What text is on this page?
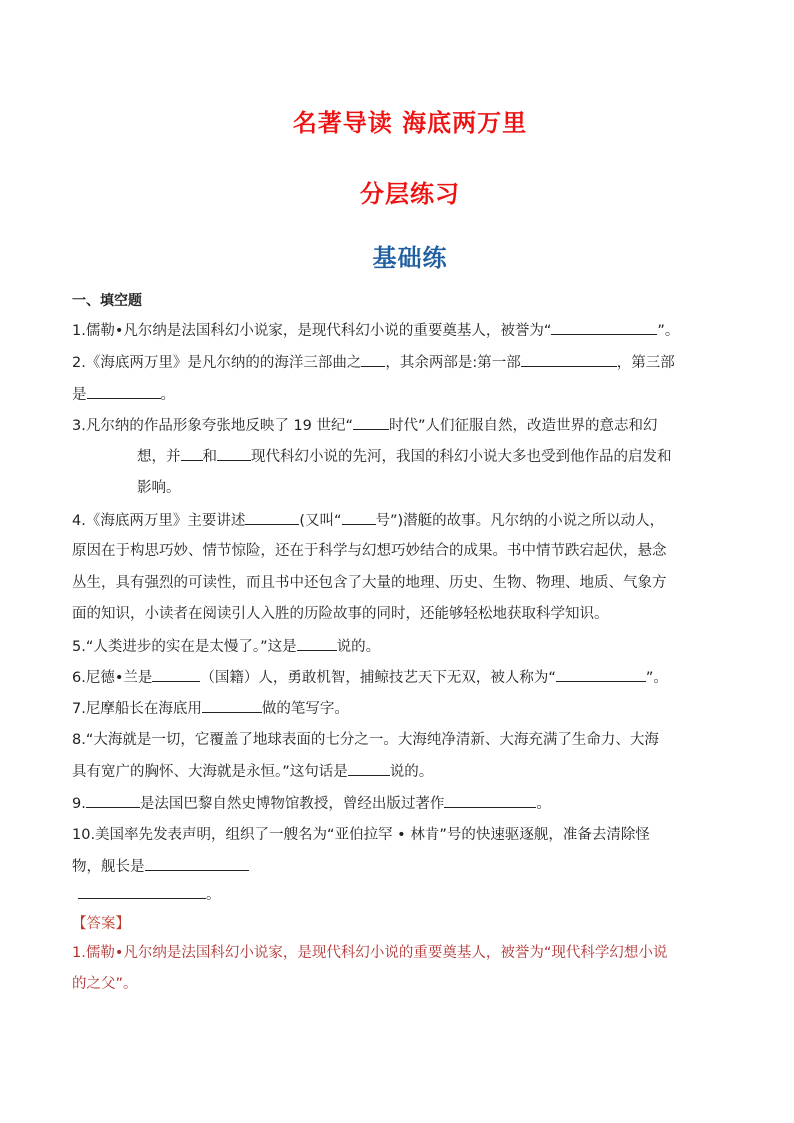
名著导读 海底两万里
分层练习
基础练
一、填空题
1.儒勒•凡尔纳是法国科幻小说家，是现代科幻小说的重要奠基人，被誉为“	”。
2.《海底两万里》是凡尔纳的的海洋三部曲之 ，其余两部是:第一部	，第三部
是	。
3.凡尔纳的作品形象夸张地反映了 19 世纪“ 时代”人们征服自然，改造世界的意志和幻
想，并 和 现代科幻小说的先河，我国的科幻小说大多也受到他作品的启发和
影响。
4.《海底两万里》主要讲述	(又叫“ 号”)潜艇的故事。凡尔纳的小说之所以动人，
原因在于构思巧妙、情节惊险，还在于科学与幻想巧妙结合的成果。书中情节跌宕起伏，悬念
丛生，具有强烈的可读性，而且书中还包含了大量的地理、历史、生物、物理、地质、气象方
面的知识，小读者在阅读引人入胜的历险故事的同时，还能够轻松地获取科学知识。
5.“人类进步的实在是太慢了。”这是	说的。
6.尼德•兰是	（国籍）人，勇敢机智，捕鲸技艺天下无双，被人称为“	”。
7.尼摩船长在海底用	做的笔写字。
8.“大海就是一切，它覆盖了地球表面的七分之一。大海纯净清新、大海充满了生命力、大海
具有宽广的胸怀、大海就是永恒。”这句话是	说的。
9.	是法国巴黎自然史博物馆教授，曾经出版过著作	。
10.美国率先发表声明，组织了一艘名为“亚伯拉罕 • 林肯”号的快速驱逐舰，准备去清除怪
物，舰长是
。
【答案】
1.儒勒•凡尔纳是法国科幻小说家，是现代科幻小说的重要奠基人，被誉为“现代科学幻想小说
的之父”。
